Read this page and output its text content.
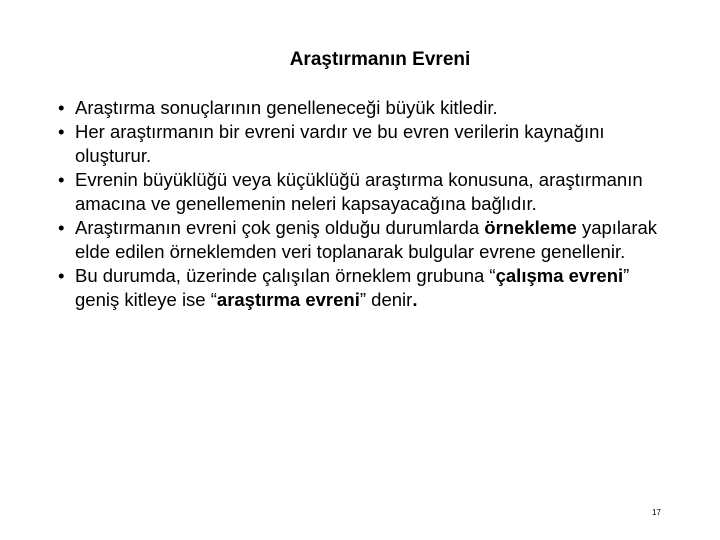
Araştırmanın Evreni
• Araştırma sonuçlarının genelleneceği büyük kitledir.
• Her araştırmanın bir evreni vardır ve bu evren verilerin kaynağını oluşturur.
• Evrenin büyüklüğü veya küçüklüğü araştırma konusuna, araştırmanın amacına ve genellemenin neleri kapsayacağına bağlıdır.
• Araştırmanın evreni çok geniş olduğu durumlarda örnekleme yapılarak elde edilen örneklemden veri toplanarak bulgular evrene genellenir.
• Bu durumda, üzerinde çalışılan örneklem grubuna “çalışma evreni” geniş kitleye ise “araştırma evreni” denir.
17
